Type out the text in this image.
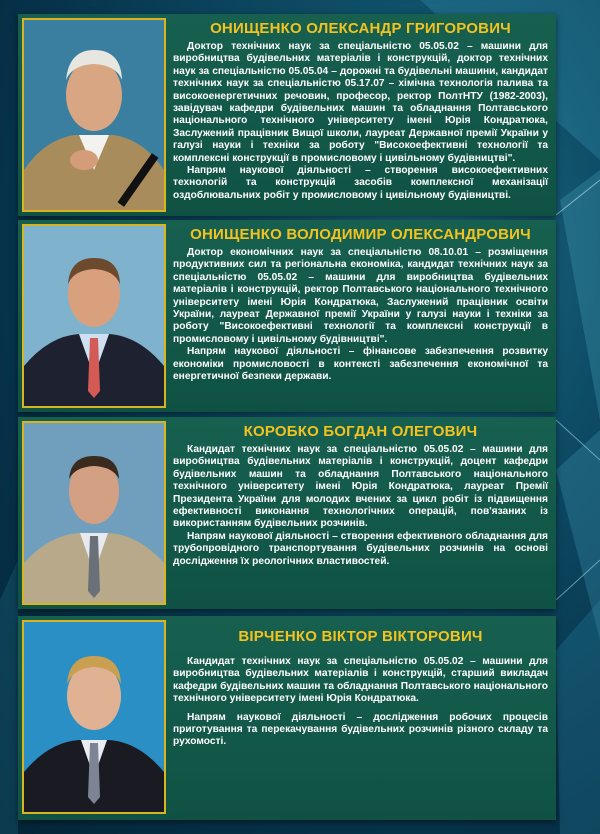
ОНИЩЕНКО ОЛЕКСАНДР ГРИГОРОВИЧ

Доктор технічних наук за спеціальністю 05.05.02 – машини для виробництва будівельних матеріалів і конструкцій, доктор технічних наук за спеціальністю 05.05.04 – дорожні та будівельні машини, кандидат технічних наук за спеціальністю 05.17.07 – хімічна технологія палива та високоенергетичних речовин, професор, ректор ПолтНТУ (1982-2003), завідувач кафедри будівельних машин та обладнання Полтавського національного технічного університету імені Юрія Кондратюка, Заслужений працівник Вищої школи, лауреат Державної премії України у галузі науки і техніки за роботу "Високоефективні технології та комплексні конструкції в промисловому і цивільному будівництві".

Напрям наукової діяльності – створення високоефективних технологій та конструкцій засобів комплексної механізації оздоблювальних робіт у промисловому і цивільному будівництві.

ОНИЩЕНКО ВОЛОДИМИР ОЛЕКСАНДРОВИЧ

Доктор економічних наук за спеціальністю 08.10.01 – розміщення продуктивних сил та регіональна економіка, кандидат технічних наук за спеціальністю 05.05.02 – машини для виробництва будівельних матеріалів і конструкцій, ректор Полтавського національного технічного університету імені Юрія Кондратюка, Заслужений працівник освіти України, лауреат Державної премії України у галузі науки і техніки за роботу "Високоефективні технології та комплексні конструкції в промисловому і цивільному будівництві".

Напрям наукової діяльності – фінансове забезпечення розвитку економіки промисловості в контексті забезпечення економічної та енергетичної безпеки держави.

КОРОБКО БОГДАН ОЛЕГОВИЧ

Кандидат технічних наук за спеціальністю 05.05.02 – машини для виробництва будівельних матеріалів і конструкцій, доцент кафедри будівельних машин та обладнання Полтавського національного технічного університету імені Юрія Кондратюка, лауреат Премії Президента України для молодих вчених за цикл робіт із підвищення ефективності виконання технологічних операцій, пов'язаних із використанням будівельних розчинів.

Напрям наукової діяльності – створення ефективного обладнання для трубопровідного транспортування будівельних розчинів на основі дослідження їх реологічних властивостей.

ВІРЧЕНКО ВІКТОР ВІКТОРОВИЧ

Кандидат технічних наук за спеціальністю 05.05.02 – машини для виробництва будівельних матеріалів і конструкцій, старший викладач кафедри будівельних машин та обладнання Полтавського національного технічного університету імені Юрія Кондратюка.

Напрям наукової діяльності – дослідження робочих процесів приготування та перекачування будівельних розчинів різного складу та рухомості.
